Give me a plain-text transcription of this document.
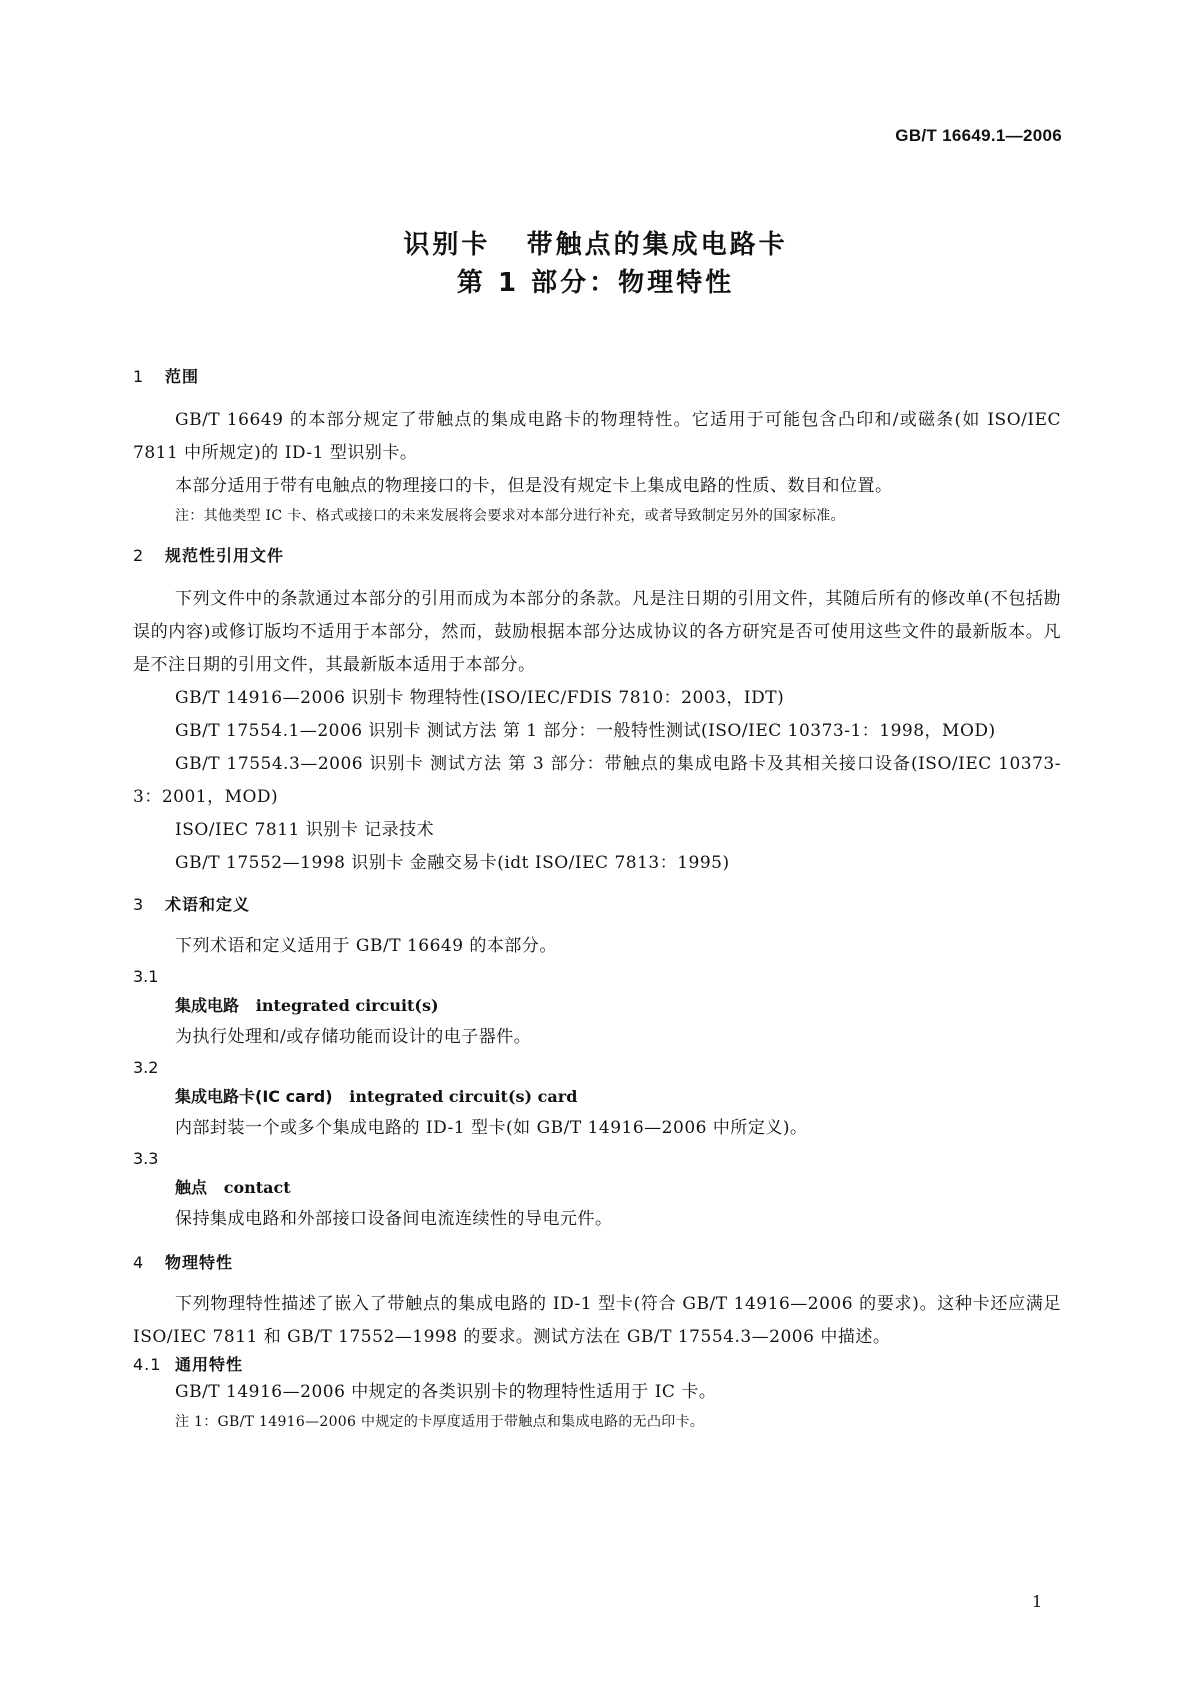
GB/T 16649.1—2006
识别卡   带触点的集成电路卡
第 1 部分：物理特性
1 范围
GB/T 16649 的本部分规定了带触点的集成电路卡的物理特性。它适用于可能包含凸印和/或磁条(如 ISO/IEC 7811 中所规定)的 ID-1 型识别卡。
本部分适用于带有电触点的物理接口的卡，但是没有规定卡上集成电路的性质、数目和位置。
注：其他类型 IC 卡、格式或接口的未来发展将会要求对本部分进行补充，或者导致制定另外的国家标准。
2 规范性引用文件
下列文件中的条款通过本部分的引用而成为本部分的条款。凡是注日期的引用文件，其随后所有的修改单(不包括勘误的内容)或修订版均不适用于本部分，然而，鼓励根据本部分达成协议的各方研究是否可使用这些文件的最新版本。凡是不注日期的引用文件，其最新版本适用于本部分。
GB/T 14916—2006 识别卡 物理特性(ISO/IEC/FDIS 7810：2003，IDT)
GB/T 17554.1—2006 识别卡 测试方法 第 1 部分：一般特性测试(ISO/IEC 10373-1：1998，MOD)
GB/T 17554.3—2006 识别卡 测试方法 第 3 部分：带触点的集成电路卡及其相关接口设备(ISO/IEC 10373-3：2001，MOD)
ISO/IEC 7811 识别卡 记录技术
GB/T 17552—1998 识别卡 金融交易卡(idt ISO/IEC 7813：1995)
3 术语和定义
下列术语和定义适用于 GB/T 16649 的本部分。
3.1
集成电路 integrated circuit(s)
为执行处理和/或存储功能而设计的电子器件。
3.2
集成电路卡(IC card) integrated circuit(s) card
内部封装一个或多个集成电路的 ID-1 型卡(如 GB/T 14916—2006 中所定义)。
3.3
触点 contact
保持集成电路和外部接口设备间电流连续性的导电元件。
4 物理特性
下列物理特性描述了嵌入了带触点的集成电路的 ID-1 型卡(符合 GB/T 14916—2006 的要求)。这种卡还应满足 ISO/IEC 7811 和 GB/T 17552—1998 的要求。测试方法在 GB/T 17554.3—2006 中描述。
4.1 通用特性
GB/T 14916—2006 中规定的各类识别卡的物理特性适用于 IC 卡。
注 1：GB/T 14916—2006 中规定的卡厚度适用于带触点和集成电路的无凸印卡。
1
